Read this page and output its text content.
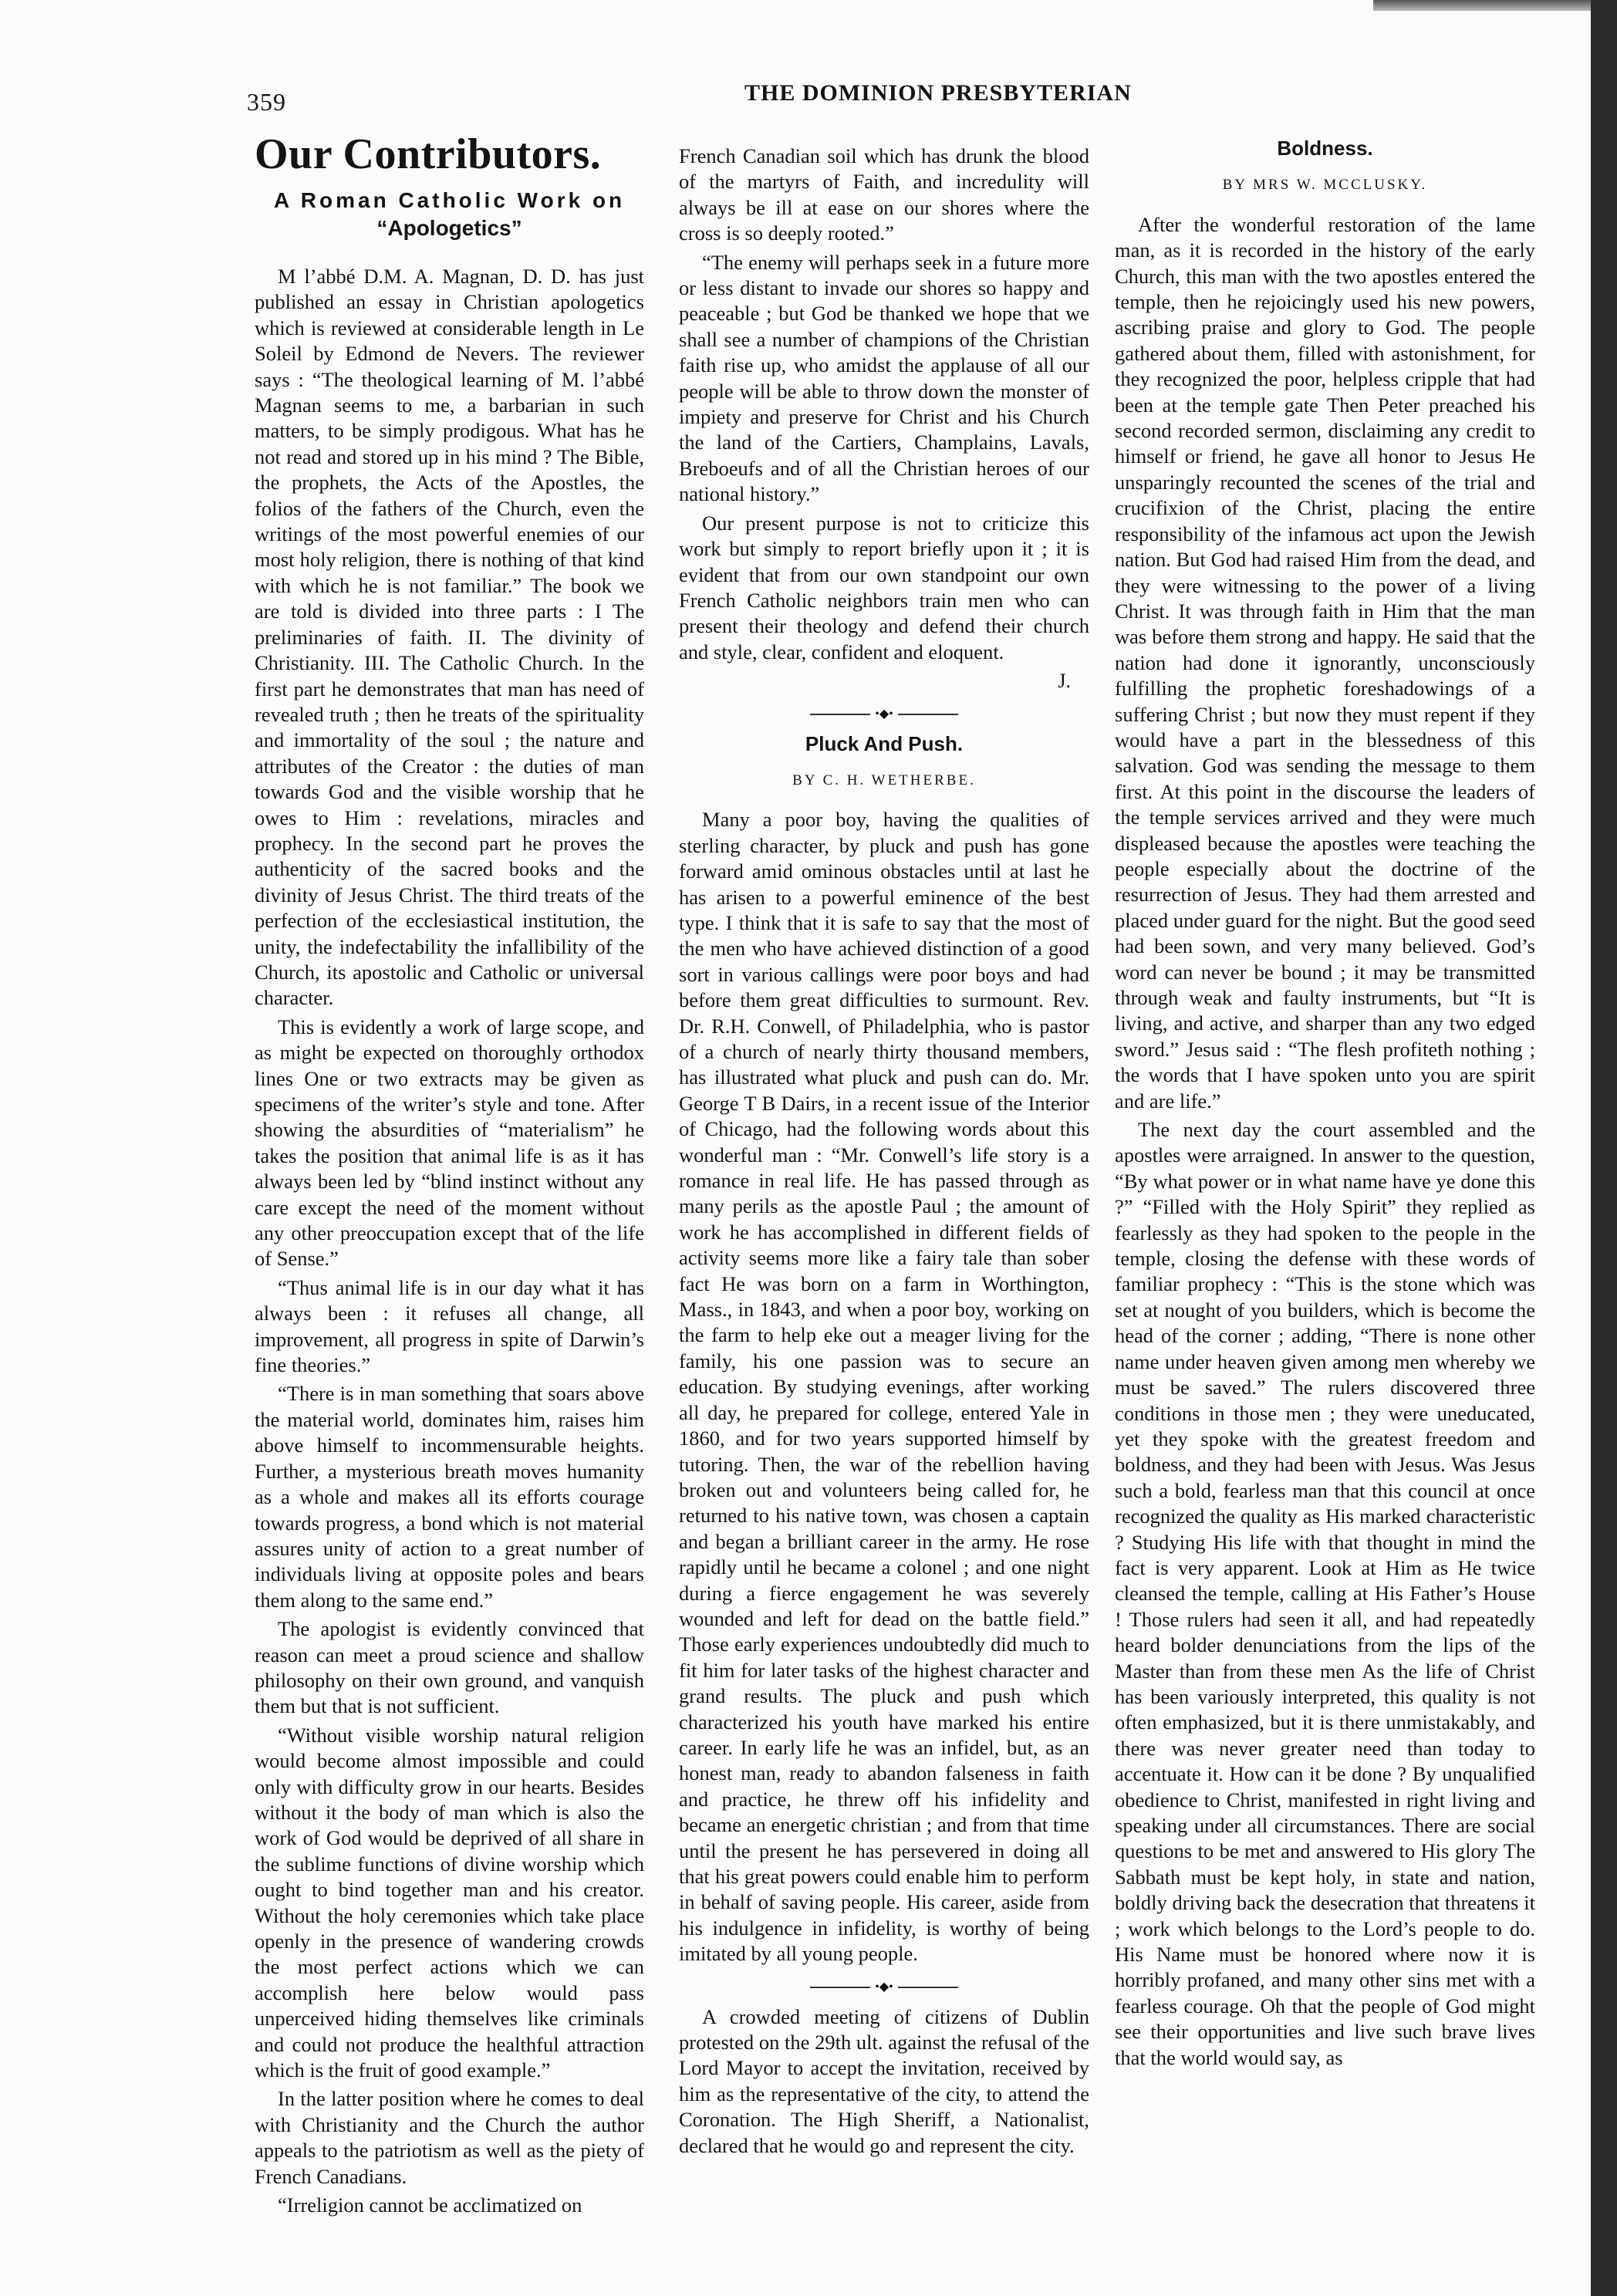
359	THE DOMINION PRESBYTERIAN
Our Contributors.
A Roman Catholic Work on
“Apologetics”

M l’abbé D.M. A. Magnan, D. D. has just published an essay in Christian apologetics which is reviewed at considerable length in Le Soleil by Edmond de Nevers. The reviewer says : “The theological learning of M. l’abbé Magnan seems to me, a barbarian in such matters, to be simply prodigous. What has he not read and stored up in his mind ? The Bible, the prophets, the Acts of the Apostles, the folios of the fathers of the Church, even the writings of the most powerful enemies of our most holy religion, there is nothing of that kind with which he is not familiar.” The book we are told is divided into three parts : I The preliminaries of faith. II. The divinity of Christianity. III. The Catholic Church. In the first part he demonstrates that man has need of revealed truth ; then he treats of the spirituality and immortality of the soul ; the nature and attributes of the Creator : the duties of man towards God and the visible worship that he owes to Him : revelations, miracles and prophecy. In the second part he proves the authenticity of the sacred books and the divinity of Jesus Christ. The third treats of the perfection of the ecclesiastical institution, the unity, the indefectability the infallibility of the Church, its apostolic and Catholic or universal character.

This is evidently a work of large scope, and as might be expected on thoroughly orthodox lines One or two extracts may be given as specimens of the writer’s style and tone. After showing the absurdities of “materialism” he takes the position that animal life is as it has always been led by “blind instinct without any care except the need of the moment without any other preoccupation except that of the life of Sense.”

“Thus animal life is in our day what it has always been : it refuses all change, all improvement, all progress in spite of Darwin’s fine theories.”

“There is in man something that soars above the material world, dominates him, raises him above himself to incommensurable heights. Further, a mysterious breath moves humanity as a whole and makes all its efforts courage towards progress, a bond which is not material assures unity of action to a great number of individuals living at opposite poles and bears them along to the same end.”

The apologist is evidently convinced that reason can meet a proud science and shallow philosophy on their own ground, and vanquish them but that is not sufficient.

“Without visible worship natural religion would become almost impossible and could only with difficulty grow in our hearts. Besides without it the body of man which is also the work of God would be deprived of all share in the sublime functions of divine worship which ought to bind together man and his creator. Without the holy ceremonies which take place openly in the presence of wandering crowds the most perfect actions which we can accomplish here below would pass unperceived hiding themselves like criminals and could not produce the healthful attraction which is the fruit of good example.”

In the latter position where he comes to deal with Christianity and the Church the author appeals to the patriotism as well as the piety of French Canadians.

“Irreligion cannot be acclimatized on

French Canadian soil which has drunk the blood of the martyrs of Faith, and incredulity will always be ill at ease on our shores where the cross is so deeply rooted.”

“The enemy will perhaps seek in a future more or less distant to invade our shores so happy and peaceable ; but God be thanked we hope that we shall see a number of champions of the Christian faith rise up, who amidst the applause of all our people will be able to throw down the monster of impiety and preserve for Christ and his Church the land of the Cartiers, Champlains, Lavals, Breboeufs and of all the Christian heroes of our national history.”

Our present purpose is not to criticize this work but simply to report briefly upon it ; it is evident that from our own standpoint our own French Catholic neighbors train men who can present their theology and defend their church and style, clear, confident and eloquent.

J.

•◆•
Pluck And Push.
BY C. H. WETHERBE.

Many a poor boy, having the qualities of sterling character, by pluck and push has gone forward amid ominous obstacles until at last he has arisen to a powerful eminence of the best type. I think that it is safe to say that the most of the men who have achieved distinction of a good sort in various callings were poor boys and had before them great difficulties to surmount. Rev. Dr. R.H. Conwell, of Philadelphia, who is pastor of a church of nearly thirty thousand members, has illustrated what pluck and push can do. Mr. George T B Dairs, in a recent issue of the Interior of Chicago, had the following words about this wonderful man : “Mr. Conwell’s life story is a romance in real life. He has passed through as many perils as the apostle Paul ; the amount of work he has accomplished in different fields of activity seems more like a fairy tale than sober fact He was born on a farm in Worthington, Mass., in 1843, and when a poor boy, working on the farm to help eke out a meager living for the family, his one passion was to secure an education. By studying evenings, after working all day, he prepared for college, entered Yale in 1860, and for two years supported himself by tutoring. Then, the war of the rebellion having broken out and volunteers being called for, he returned to his native town, was chosen a captain and began a brilliant career in the army. He rose rapidly until he became a colonel ; and one night during a fierce engagement he was severely wounded and left for dead on the battle field.” Those early experiences undoubtedly did much to fit him for later tasks of the highest character and grand results. The pluck and push which characterized his youth have marked his entire career. In early life he was an infidel, but, as an honest man, ready to abandon falseness in faith and practice, he threw off his infidelity and became an energetic christian ; and from that time until the present he has persevered in doing all that his great powers could enable him to perform in behalf of saving people. His career, aside from his indulgence in infidelity, is worthy of being imitated by all young people.

•◆•

A crowded meeting of citizens of Dublin protested on the 29th ult. against the refusal of the Lord Mayor to accept the invitation, received by him as the representative of the city, to attend the Coronation. The High Sheriff, a Nationalist, declared that he would go and represent the city.

Boldness.
BY MRS W. MCCLUSKY.

After the wonderful restoration of the lame man, as it is recorded in the history of the early Church, this man with the two apostles entered the temple, then he rejoicingly used his new powers, ascribing praise and glory to God. The people gathered about them, filled with astonishment, for they recognized the poor, helpless cripple that had been at the temple gate Then Peter preached his second recorded sermon, disclaiming any credit to himself or friend, he gave all honor to Jesus He unsparingly recounted the scenes of the trial and crucifixion of the Christ, placing the entire responsibility of the infamous act upon the Jewish nation. But God had raised Him from the dead, and they were witnessing to the power of a living Christ. It was through faith in Him that the man was before them strong and happy. He said that the nation had done it ignorantly, unconsciously fulfilling the prophetic foreshadowings of a suffering Christ ; but now they must repent if they would have a part in the blessedness of this salvation. God was sending the message to them first. At this point in the discourse the leaders of the temple services arrived and they were much displeased because the apostles were teaching the people especially about the doctrine of the resurrection of Jesus. They had them arrested and placed under guard for the night. But the good seed had been sown, and very many believed. God’s word can never be bound ; it may be transmitted through weak and faulty instruments, but “It is living, and active, and sharper than any two edged sword.” Jesus said : “The flesh profiteth nothing ; the words that I have spoken unto you are spirit and are life.”

The next day the court assembled and the apostles were arraigned. In answer to the question, “By what power or in what name have ye done this ?” “Filled with the Holy Spirit” they replied as fearlessly as they had spoken to the people in the temple, closing the defense with these words of familiar prophecy : “This is the stone which was set at nought of you builders, which is become the head of the corner ; adding, “There is none other name under heaven given among men whereby we must be saved.” The rulers discovered three conditions in those men ; they were uneducated, yet they spoke with the greatest freedom and boldness, and they had been with Jesus. Was Jesus such a bold, fearless man that this council at once recognized the quality as His marked characteristic ? Studying His life with that thought in mind the fact is very apparent. Look at Him as He twice cleansed the temple, calling at His Father’s House ! Those rulers had seen it all, and had repeatedly heard bolder denunciations from the lips of the Master than from these men As the life of Christ has been variously interpreted, this quality is not often emphasized, but it is there unmistakably, and there was never greater need than today to accentuate it. How can it be done ? By unqualified obedience to Christ, manifested in right living and speaking under all circumstances. There are social questions to be met and answered to His glory The Sabbath must be kept holy, in state and nation, boldly driving back the desecration that threatens it ; work which belongs to the Lord’s people to do. His Name must be honored where now it is horribly profaned, and many other sins met with a fearless courage. Oh that the people of God might see their opportunities and live such brave lives that the world would say, as
